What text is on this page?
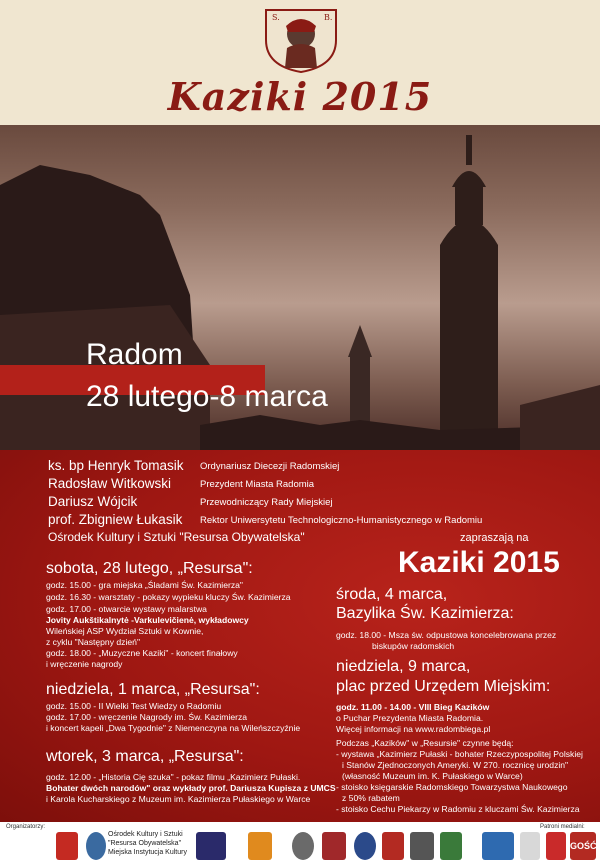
S.	B.
Kaziki 2015
Radom
28 lutego-8 marca
ks. bp Henryk Tomasik Ordynariusz Diecezji Radomskiej
Radosław Witkowski	Prezydent Miasta Radomia
Dariusz Wójcik	Przewodniczący Rady Miejskiej
prof. Zbigniew Łukasik Rektor Uniwersytetu Technologiczno-Humanistycznego w Radomiu
Ośrodek Kultury i Sztuki "Resursa Obywatelska"	zapraszają na
Kaziki 2015
sobota, 28 lutego, „Resursa":
godz. 15.00 - gra miejska „Śladami Św. Kazimierza"
godz. 16.30 - warsztaty - pokazy wypieku kluczy Św. Kazimierza
godz. 17.00 - otwarcie wystawy malarstwa
Jovity Aukštikalnytė -Varkulevičienė, wykładowcy
Wileńskiej ASP Wydział Sztuki w Kownie,
z cyklu "Następny dzień"
godz. 18.00 - „Muzyczne Kaziki" - koncert finałowy
i wręczenie nagrody
niedziela, 1 marca, „Resursa":
godz. 15.00 - II Wielki Test Wiedzy o Radomiu
godz. 17.00 - wręczenie Nagrody im. Św. Kazimierza
i koncert kapeli „Dwa Tygodnie" z Niemenczyna na Wileńszczyźnie
wtorek, 3 marca, „Resursa":
godz. 12.00 - „Historia Cię szuka" - pokaz filmu „Kazimierz Pułaski.
Bohater dwóch narodów" oraz wykłady prof. Dariusza Kupisza z UMCS
i Karola Kucharskiego z Muzeum im. Kazimierza Pułaskiego w Warce
środa, 4 marca,
Bazylika Św. Kazimierza:
godz. 18.00 - Msza św. odpustowa koncelebrowana przez
biskupów radomskich
niedziela, 9 marca,
plac przed Urzędem Miejskim:
godz. 11.00 - 14.00 - VIII Bieg Kazików
o Puchar Prezydenta Miasta Radomia.
Więcej informacji na www.radombiega.pl
Podczas „Kazików" w „Resursie" czynne będą:
- wystawa „Kazimierz Pułaski - bohater Rzeczypospolitej Polskiej
i Stanów Zjednoczonych Ameryki. W 270. rocznicę urodzin"
(własność Muzeum im. K. Pułaskiego w Warce)
- stoisko księgarskie Radomskiego Towarzystwa Naukowego
z 50% rabatem
- stoisko Cechu Piekarzy w Radomiu z kluczami Św. Kazimierza
Organizatorzy:	Patroni medialni:
Ośrodek Kultury i Sztuki
"Resursa Obywatelska"
Miejska Instytucja Kultury
GOŚĆ
